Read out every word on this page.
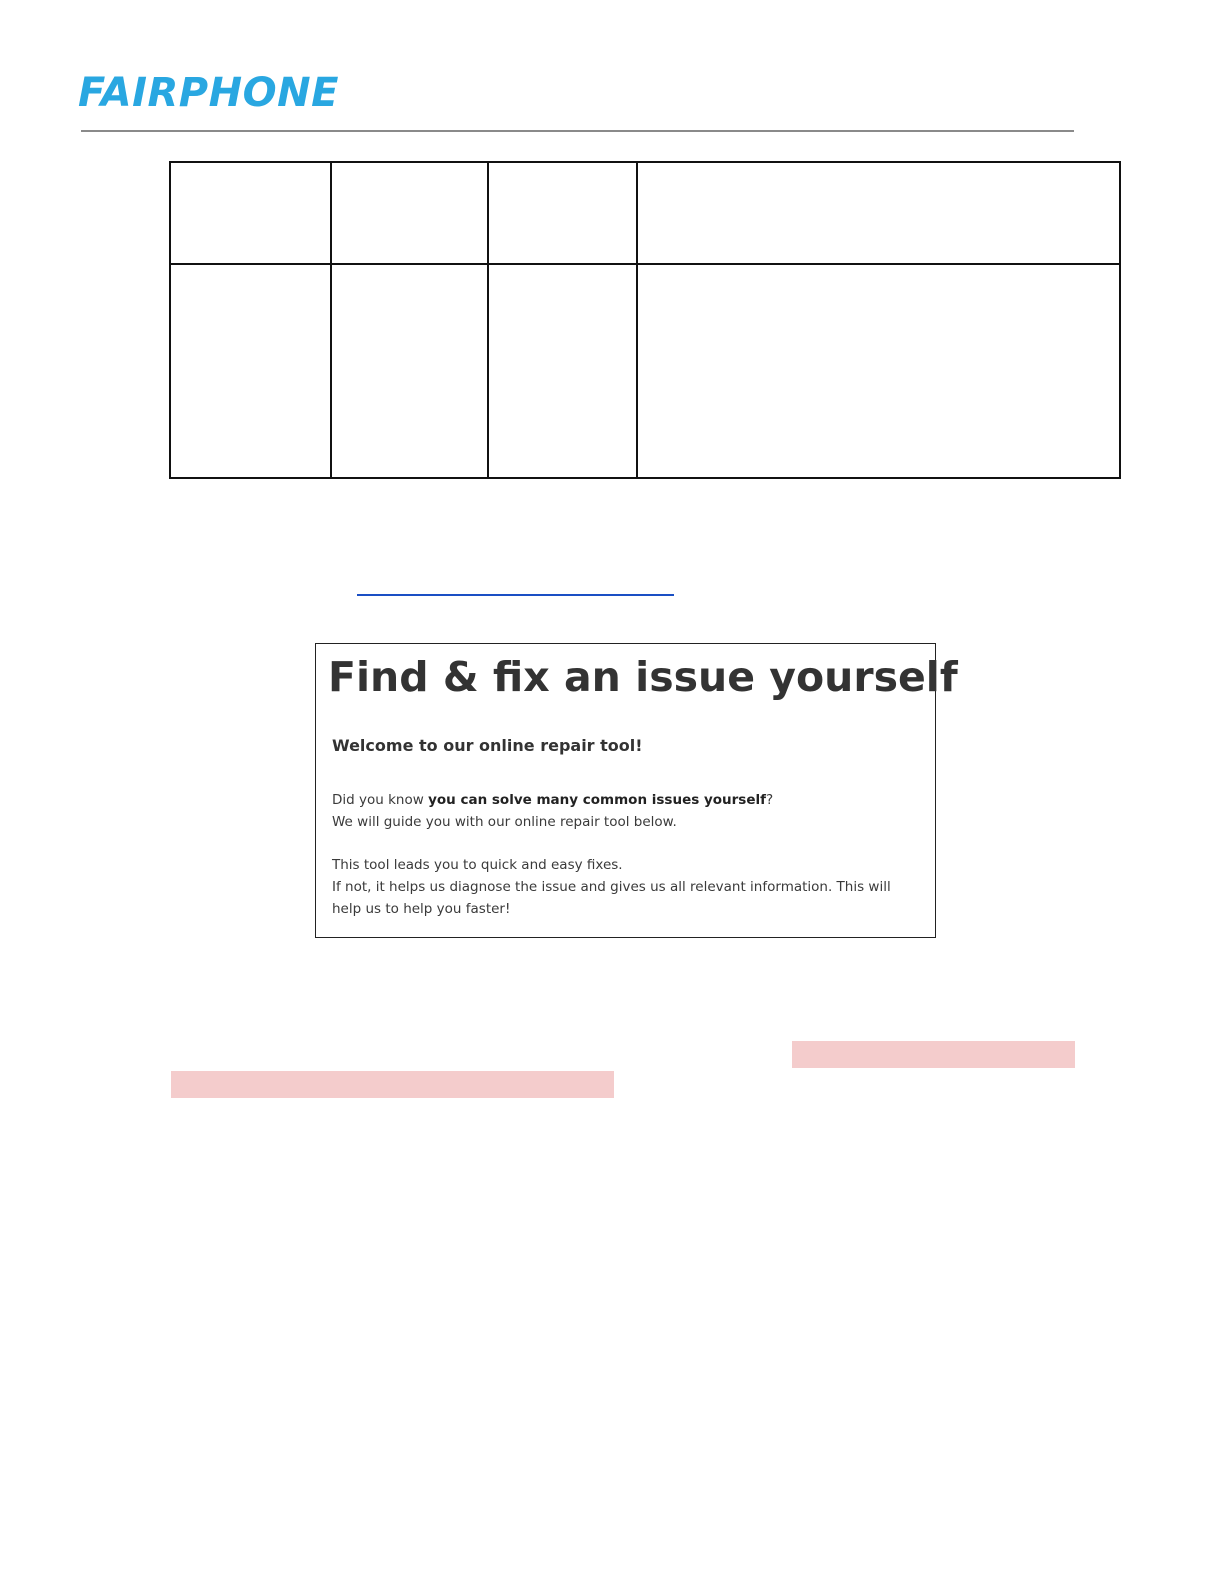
FAIRPHONE

Find & fix an issue yourself
Welcome to our online repair tool!
Did you know you can solve many common issues yourself?
We will guide you with our online repair tool below.
This tool leads you to quick and easy fixes.
If not, it helps us diagnose the issue and gives us all relevant information. This will help us to help you faster!
